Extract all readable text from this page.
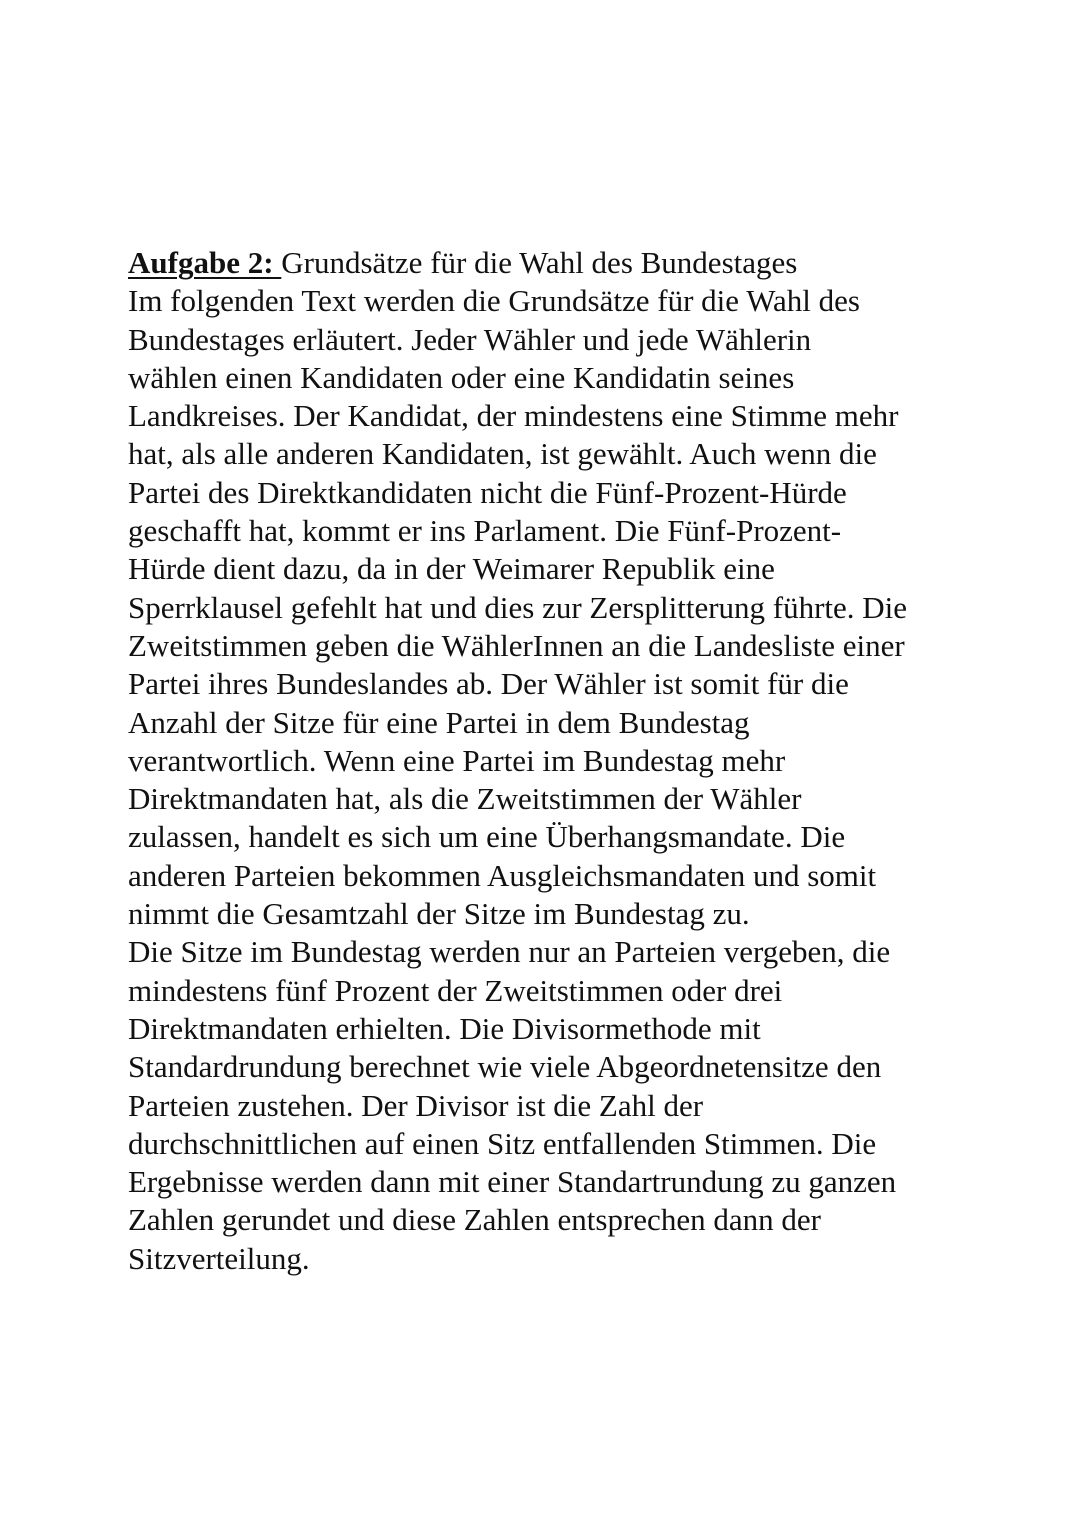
Aufgabe 2: Grundsätze für die Wahl des Bundestages
Im folgenden Text werden die Grundsätze für die Wahl des
Bundestages erläutert. Jeder Wähler und jede Wählerin
wählen einen Kandidaten oder eine Kandidatin seines
Landkreises. Der Kandidat, der mindestens eine Stimme mehr
hat, als alle anderen Kandidaten, ist gewählt. Auch wenn die
Partei des Direktkandidaten nicht die Fünf-Prozent-Hürde
geschafft hat, kommt er ins Parlament. Die Fünf-Prozent-
Hürde dient dazu, da in der Weimarer Republik eine
Sperrklausel gefehlt hat und dies zur Zersplitterung führte. Die
Zweitstimmen geben die WählerInnen an die Landesliste einer
Partei ihres Bundeslandes ab. Der Wähler ist somit für die
Anzahl der Sitze für eine Partei in dem Bundestag
verantwortlich. Wenn eine Partei im Bundestag mehr
Direktmandaten hat, als die Zweitstimmen der Wähler
zulassen, handelt es sich um eine Überhangsmandate. Die
anderen Parteien bekommen Ausgleichsmandaten und somit
nimmt die Gesamtzahl der Sitze im Bundestag zu.
Die Sitze im Bundestag werden nur an Parteien vergeben, die
mindestens fünf Prozent der Zweitstimmen oder drei
Direktmandaten erhielten. Die Divisormethode mit
Standardrundung berechnet wie viele Abgeordnetensitze den
Parteien zustehen. Der Divisor ist die Zahl der
durchschnittlichen auf einen Sitz entfallenden Stimmen. Die
Ergebnisse werden dann mit einer Standartrundung zu ganzen
Zahlen gerundet und diese Zahlen entsprechen dann der
Sitzverteilung.
